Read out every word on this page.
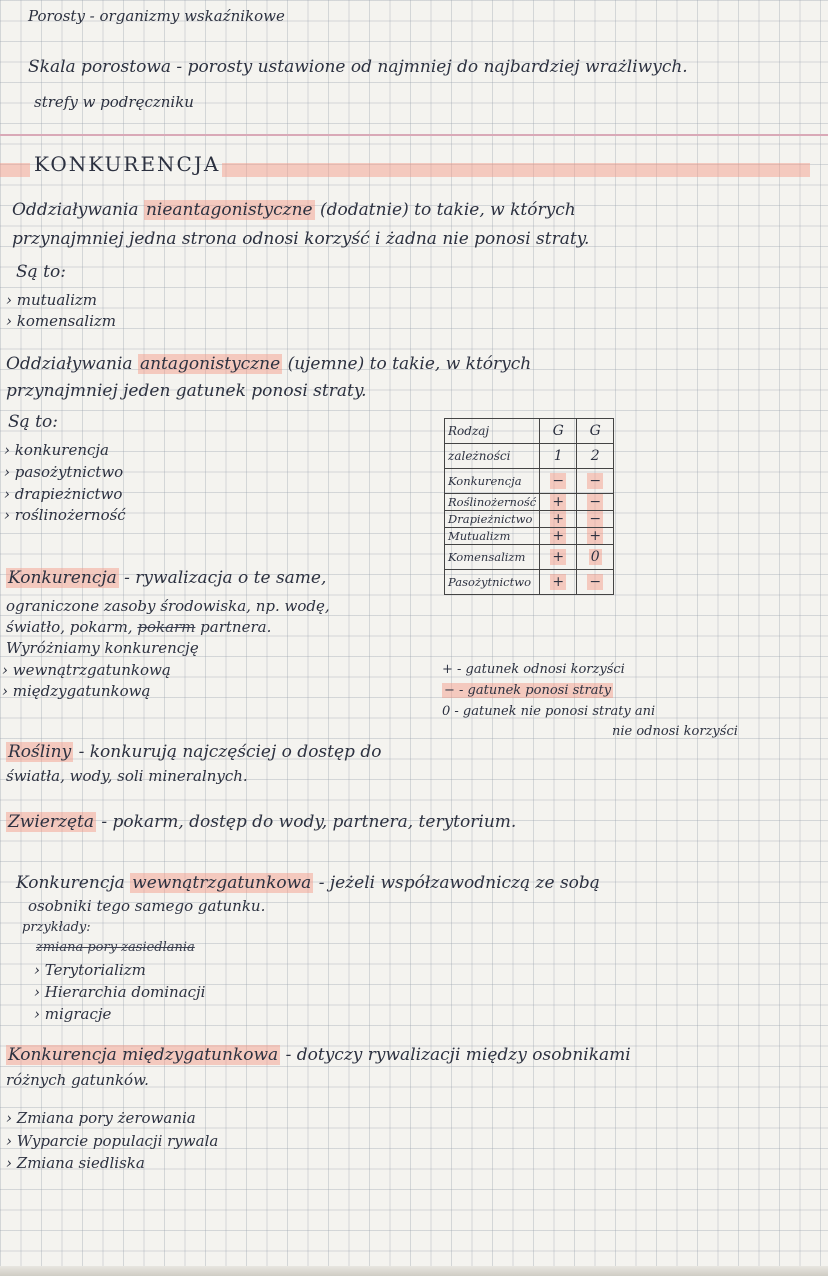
Porosty - organizmy wskaźnikowe
Skala porostowa - porosty ustawione od najmniej do najbardziej wrażliwych.
strefy w podręczniku
KONKURENCJA
Oddziaływania nieantagonistyczne (dodatnie) to takie, w których
przynajmniej jedna strona odnosi korzyść i żadna nie ponosi straty.
Są to:
› mutualizm
› komensalizm
Oddziaływania antagonistyczne (ujemne) to takie, w których
przynajmniej jeden gatunek ponosi straty.
Są to:
› konkurencja
› pasożytnictwo
› drapieżnictwo
› roślinożerność
Rodzaj	G	G
zależności	1	2
Konkurencja	−	−
Roślinożerność	+	−
Drapieżnictwo	+	−
Mutualizm	+	+
Komensalizm	+	0
Pasożytnictwo	+	−
Konkurencja - rywalizacja o te same,
ograniczone zasoby środowiska, np. wodę,
światło, pokarm, pokarm partnera.
Wyróżniamy konkurencję
› wewnątrzgatunkową
› międzygatunkową
+ - gatunek odnosi korzyści
− - gatunek ponosi straty
0 - gatunek nie ponosi straty ani
nie odnosi korzyści
Rośliny - konkurują najczęściej o dostęp do
światła, wody, soli mineralnych.
Zwierzęta - pokarm, dostęp do wody, partnera, terytorium.
Konkurencja wewnątrzgatunkowa - jeżeli współzawodniczą ze sobą
osobniki tego samego gatunku.
przykłady:
zmiana pory zasiedlania
› Terytorializm
› Hierarchia dominacji
› migracje
Konkurencja międzygatunkowa - dotyczy rywalizacji między osobnikami
różnych gatunków.
› Zmiana pory żerowania
› Wyparcie populacji rywala
› Zmiana siedliska
